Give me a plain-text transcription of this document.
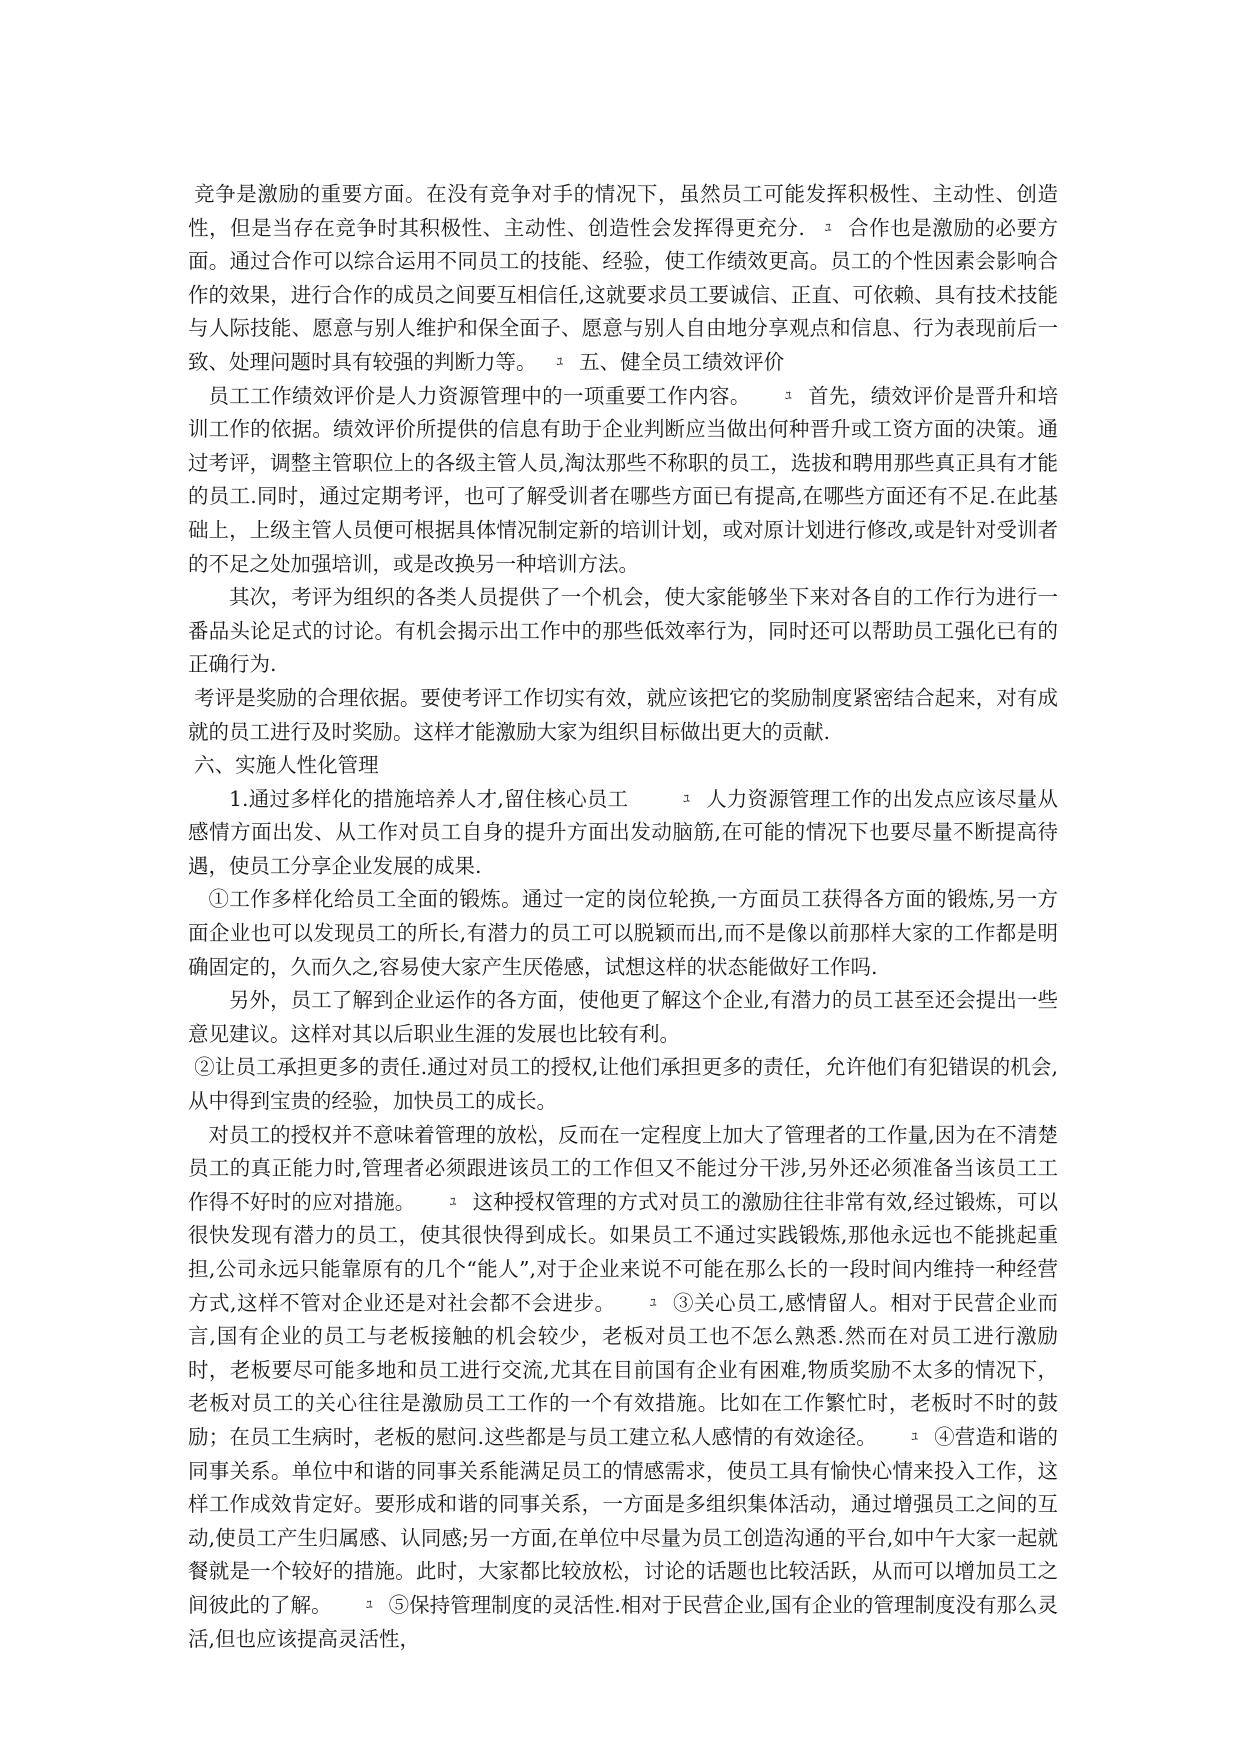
竞争是激励的重要方面。在没有竞争对手的情况下，虽然员工可能发挥积极性、主动性、创造性，但是当存在竞争时其积极性、主动性、创造性会发挥得更充分. ﾕ 合作也是激励的必要方面。通过合作可以综合运用不同员工的技能、经验，使工作绩效更高。员工的个性因素会影响合作的效果，进行合作的成员之间要互相信任,这就要求员工要诚信、正直、可依赖、具有技术技能与人际技能、愿意与别人维护和保全面子、愿意与别人自由地分享观点和信息、行为表现前后一致、处理问题时具有较强的判断力等。 ﾕ 五、健全员工绩效评价

员工工作绩效评价是人力资源管理中的一项重要工作内容。	ﾕ 首先，绩效评价是晋升和培训工作的依据。绩效评价所提供的信息有助于企业判断应当做出何种晋升或工资方面的决策。通过考评，调整主管职位上的各级主管人员,淘汰那些不称职的员工，选拔和聘用那些真正具有才能的员工.同时，通过定期考评，也可了解受训者在哪些方面已有提高,在哪些方面还有不足.在此基础上，上级主管人员便可根据具体情况制定新的培训计划，或对原计划进行修改,或是针对受训者的不足之处加强培训，或是改换另一种培训方法。

其次，考评为组织的各类人员提供了一个机会，使大家能够坐下来对各自的工作行为进行一番品头论足式的讨论。有机会揭示出工作中的那些低效率行为，同时还可以帮助员工强化已有的正确行为.

考评是奖励的合理依据。要使考评工作切实有效，就应该把它的奖励制度紧密结合起来，对有成就的员工进行及时奖励。这样才能激励大家为组织目标做出更大的贡献.

六、实施人性化管理

1.通过多样化的措施培养人才,留住核心员工	ﾕ 人力资源管理工作的出发点应该尽量从感情方面出发、从工作对员工自身的提升方面出发动脑筋,在可能的情况下也要尽量不断提高待遇，使员工分享企业发展的成果.

①工作多样化给员工全面的锻炼。通过一定的岗位轮换,一方面员工获得各方面的锻炼,另一方面企业也可以发现员工的所长,有潜力的员工可以脱颖而出,而不是像以前那样大家的工作都是明确固定的，久而久之,容易使大家产生厌倦感，试想这样的状态能做好工作吗.

另外，员工了解到企业运作的各方面，使他更了解这个企业,有潜力的员工甚至还会提出一些意见建议。这样对其以后职业生涯的发展也比较有利。

②让员工承担更多的责任.通过对员工的授权,让他们承担更多的责任，允许他们有犯错误的机会,从中得到宝贵的经验，加快员工的成长。

对员工的授权并不意味着管理的放松，反而在一定程度上加大了管理者的工作量,因为在不清楚员工的真正能力时,管理者必须跟进该员工的工作但又不能过分干涉,另外还必须准备当该员工工作得不好时的应对措施。	ﾕ 这种授权管理的方式对员工的激励往往非常有效,经过锻炼，可以很快发现有潜力的员工，使其很快得到成长。如果员工不通过实践锻炼,那他永远也不能挑起重担,公司永远只能靠原有的几个“能人”,对于企业来说不可能在那么长的一段时间内维持一种经营方式,这样不管对企业还是对社会都不会进步。	ﾕ ③关心员工,感情留人。相对于民营企业而言,国有企业的员工与老板接触的机会较少，老板对员工也不怎么熟悉.然而在对员工进行激励时，老板要尽可能多地和员工进行交流,尤其在目前国有企业有困难,物质奖励不太多的情况下，老板对员工的关心往往是激励员工工作的一个有效措施。比如在工作繁忙时，老板时不时的鼓励；在员工生病时，老板的慰问.这些都是与员工建立私人感情的有效途径。	ﾕ ④营造和谐的同事关系。单位中和谐的同事关系能满足员工的情感需求，使员工具有愉快心情来投入工作，这样工作成效肯定好。要形成和谐的同事关系，一方面是多组织集体活动，通过增强员工之间的互动,使员工产生归属感、认同感;另一方面,在单位中尽量为员工创造沟通的平台,如中午大家一起就餐就是一个较好的措施。此时，大家都比较放松，讨论的话题也比较活跃，从而可以增加员工之间彼此的了解。	ﾕ ⑤保持管理制度的灵活性.相对于民营企业,国有企业的管理制度没有那么灵活,但也应该提高灵活性，
